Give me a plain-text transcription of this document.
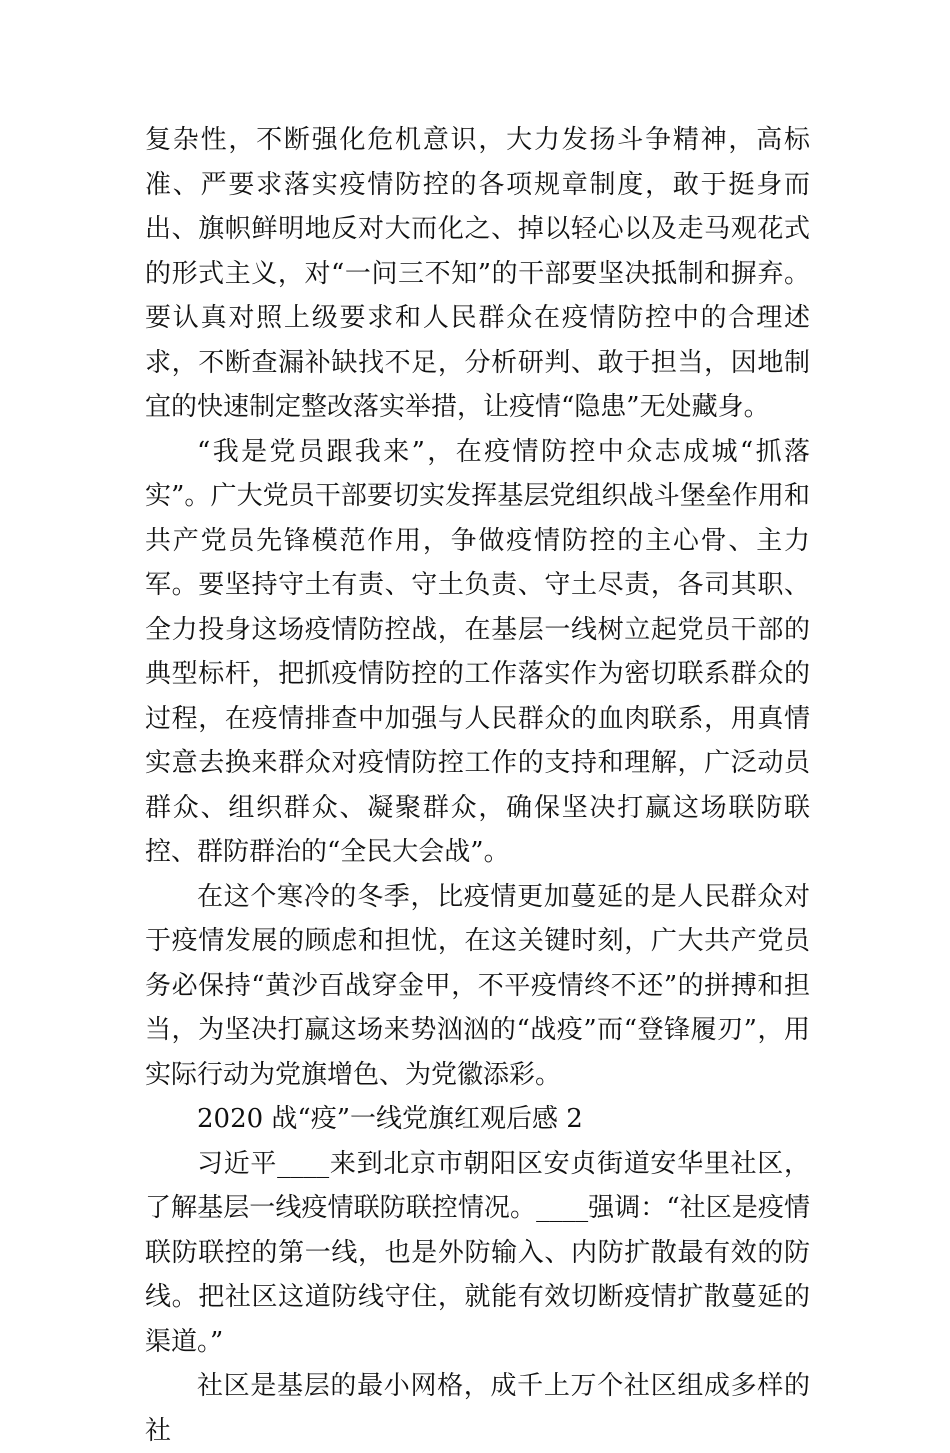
复杂性，不断强化危机意识，大力发扬斗争精神，高标准、严要求落实疫情防控的各项规章制度，敢于挺身而出、旗帜鲜明地反对大而化之、掉以轻心以及走马观花式的形式主义，对“一问三不知”的干部要坚决抵制和摒弃。要认真对照上级要求和人民群众在疫情防控中的合理述求，不断查漏补缺找不足，分析研判、敢于担当，因地制宜的快速制定整改落实举措，让疫情“隐患”无处藏身。

“我是党员跟我来”，在疫情防控中众志成城“抓落实”。广大党员干部要切实发挥基层党组织战斗堡垒作用和共产党员先锋模范作用，争做疫情防控的主心骨、主力军。要坚持守土有责、守土负责、守土尽责，各司其职、全力投身这场疫情防控战，在基层一线树立起党员干部的典型标杆，把抓疫情防控的工作落实作为密切联系群众的过程，在疫情排查中加强与人民群众的血肉联系，用真情实意去换来群众对疫情防控工作的支持和理解，广泛动员群众、组织群众、凝聚群众，确保坚决打赢这场联防联控、群防群治的“全民大会战”。

在这个寒冷的冬季，比疫情更加蔓延的是人民群众对于疫情发展的顾虑和担忧，在这关键时刻，广大共产党员务必保持“黄沙百战穿金甲，不平疫情终不还”的拼搏和担当，为坚决打赢这场来势汹汹的“战疫”而“登锋履刃”，用实际行动为党旗增色、为党徽添彩。

2020 战“疫”一线党旗红观后感 2

习近平____来到北京市朝阳区安贞街道安华里社区，了解基层一线疫情联防联控情况。____强调：“社区是疫情联防联控的第一线，也是外防输入、内防扩散最有效的防线。把社区这道防线守住，就能有效切断疫情扩散蔓延的渠道。”

社区是基层的最小网格，成千上万个社区组成多样的社
